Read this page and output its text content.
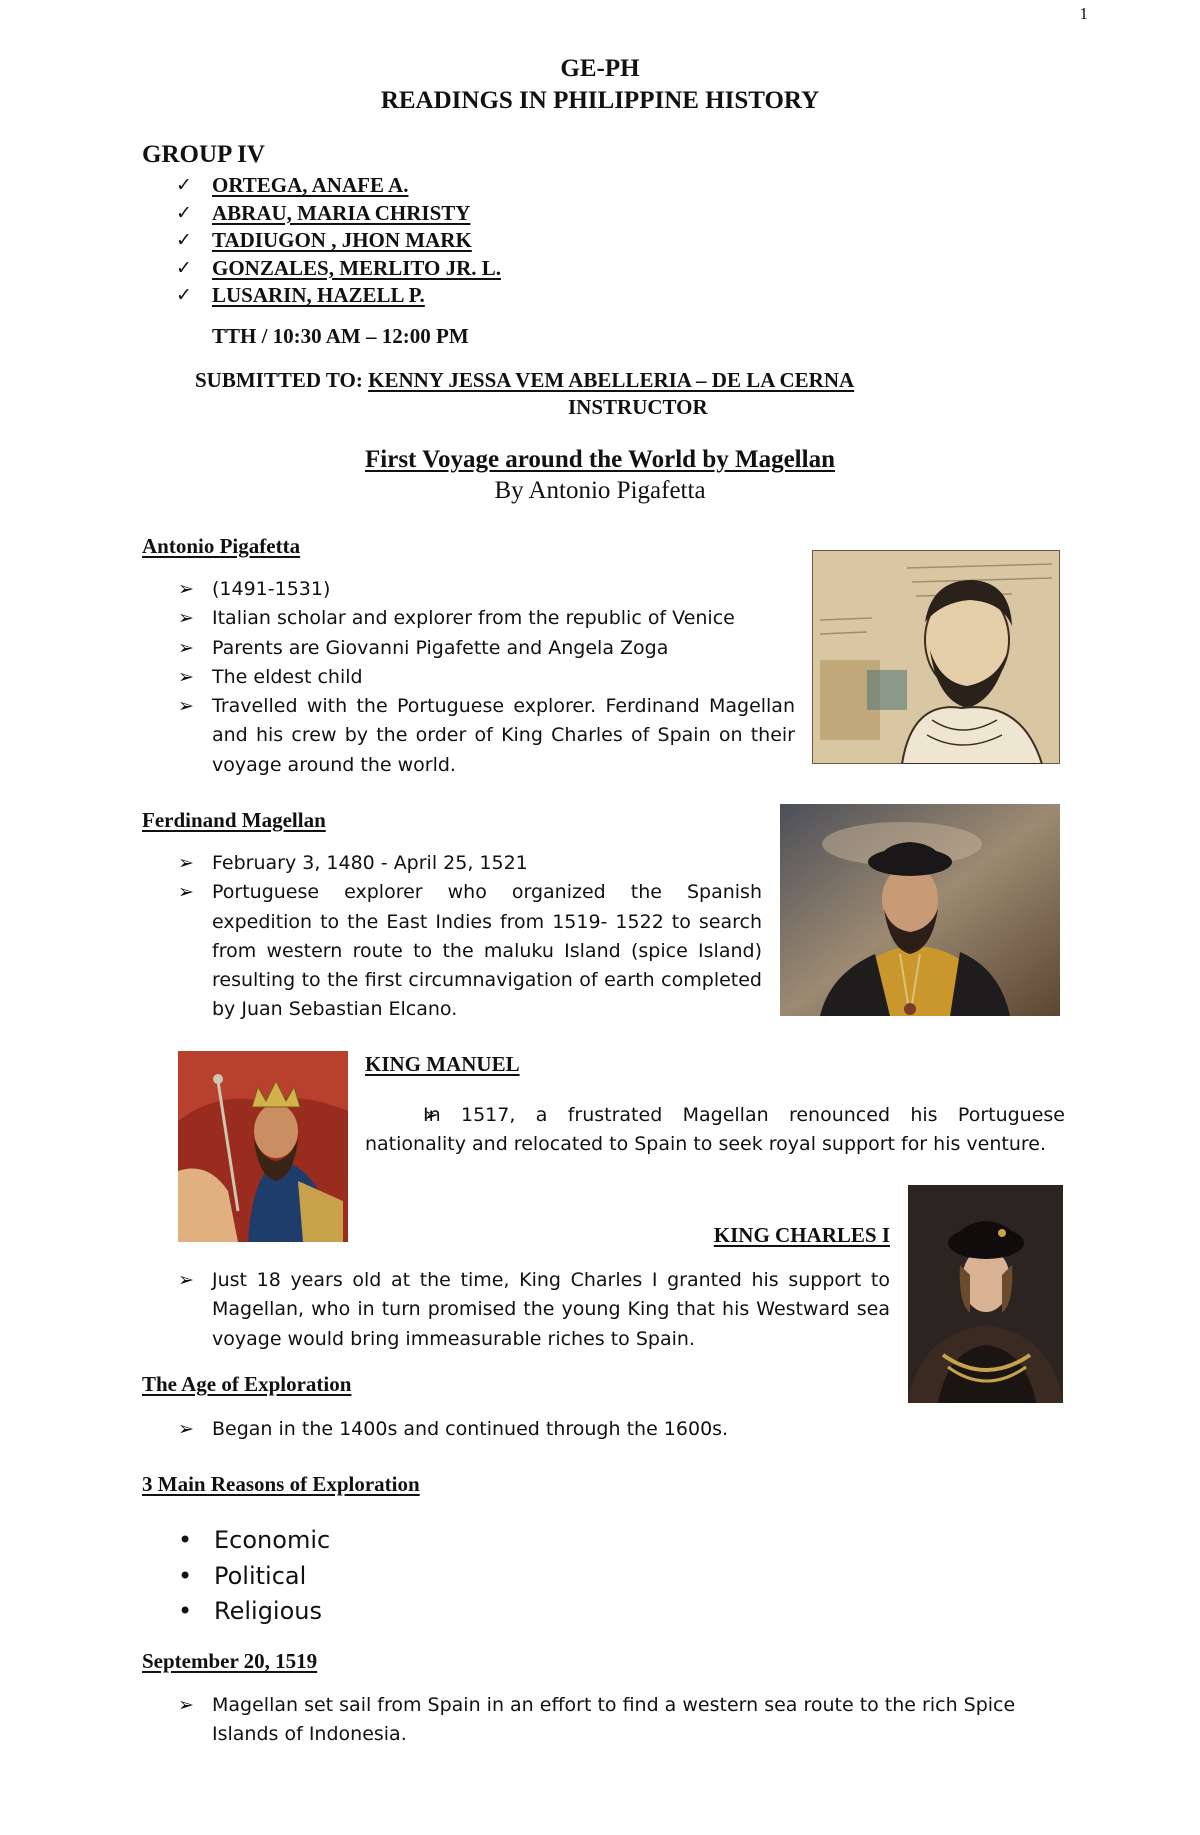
1
GE-PH
READINGS IN PHILIPPINE HISTORY
GROUP IV
✓ ORTEGA, ANAFE A.
✓ ABRAU, MARIA CHRISTY
✓ TADIUGON , JHON MARK
✓ GONZALES, MERLITO JR. L.
✓ LUSARIN, HAZELL P.
TTH / 10:30 AM – 12:00 PM
SUBMITTED TO: KENNY JESSA VEM ABELLERIA – DE LA CERNA
INSTRUCTOR
First Voyage around the World by Magellan
By Antonio Pigafetta
Antonio Pigafetta
➢ (1491-1531)
➢ Italian scholar and explorer from the republic of Venice
➢ Parents are Giovanni Pigafette and Angela Zoga
➢ The eldest child
➢ Travelled with the Portuguese explorer. Ferdinand Magellan and his crew by the order of King Charles of Spain on their voyage around the world.
Ferdinand Magellan
➢ February 3, 1480 - April 25, 1521
➢ Portuguese explorer who organized the Spanish expedition to the East Indies from 1519- 1522 to search from western route to the maluku Island (spice Island) resulting to the first circumnavigation of earth completed by Juan Sebastian Elcano.
KING MANUEL
➢ In 1517, a frustrated Magellan renounced his Portuguese nationality and relocated to Spain to seek royal support for his venture.
KING CHARLES I
➢ Just 18 years old at the time, King Charles I granted his support to Magellan, who in turn promised the young King that his Westward sea voyage would bring immeasurable riches to Spain.
The Age of Exploration
➢ Began in the 1400s and continued through the 1600s.
3 Main Reasons of Exploration
• Economic
• Political
• Religious
September 20, 1519
➢ Magellan set sail from Spain in an effort to find a western sea route to the rich Spice Islands of Indonesia.
